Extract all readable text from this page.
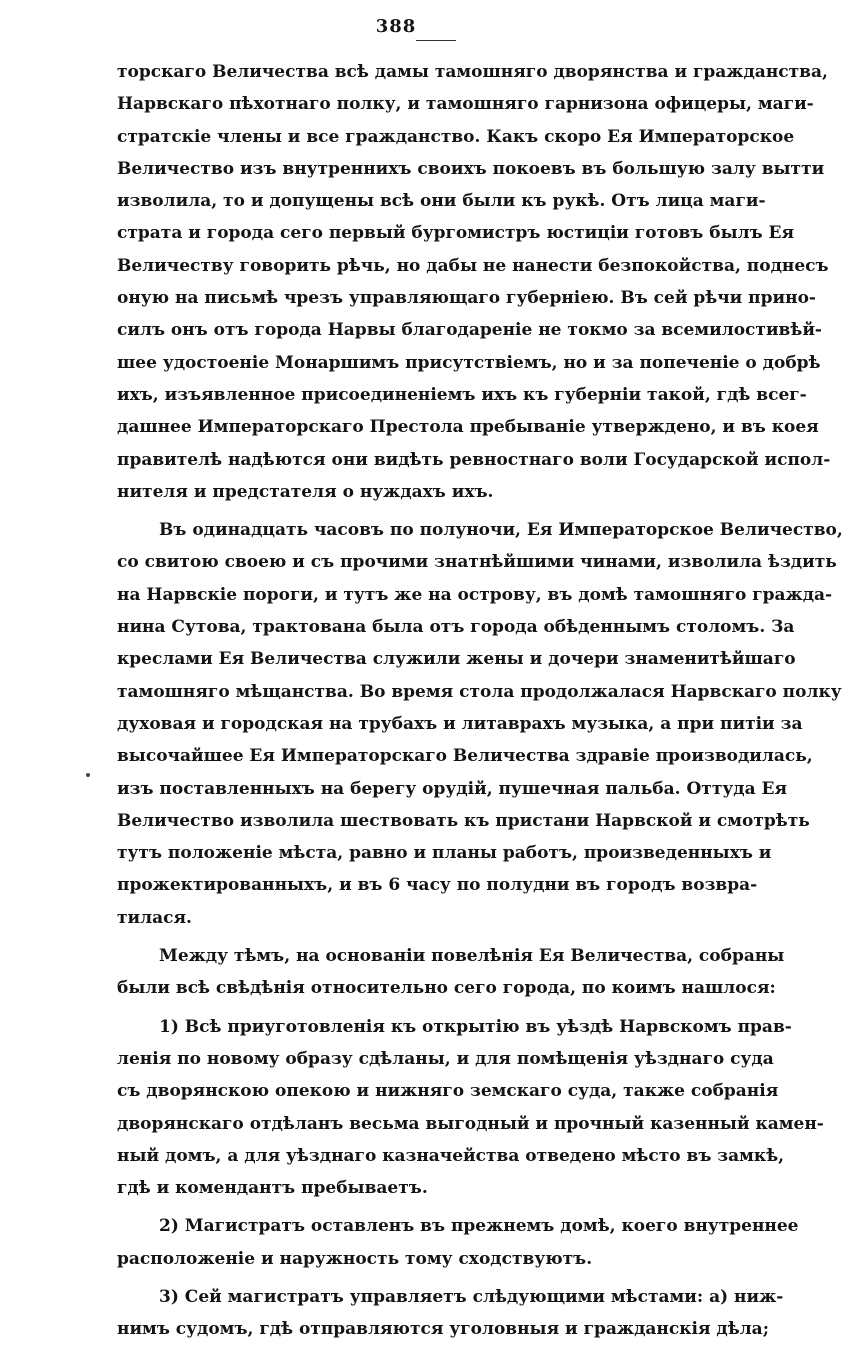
388
торскаго Величества всѣ дамы тамошняго дворянства и гражданства,
Нарвскаго пѣхотнаго полку, и тамошняго гарнизона офицеры, маги-
стратскіе члены и все гражданство. Какъ скоро Ея Императорское
Величество изъ внутреннихъ своихъ покоевъ въ большую залу вытти
изволила, то и допущены всѣ они были къ рукѣ. Отъ лица маги-
страта и города сего первый бургомистръ юстиціи готовъ былъ Ея
Величеству говорить рѣчь, но дабы не нанести безпокойства, поднесъ
оную на письмѣ чрезъ управляющаго губерніею. Въ сей рѣчи прино-
силъ онъ отъ города Нарвы благодареніе не токмо за всемилостивѣй-
шее удостоеніе Монаршимъ присутствіемъ, но и за попеченіе о добрѣ
ихъ, изъявленное присоединеніемъ ихъ къ губерніи такой, гдѣ всег-
дашнее Императорскаго Престола пребываніе утверждено, и въ коея
правителѣ надѣются они видѣть ревностнаго воли Государской испол-
нителя и предстателя о нуждахъ ихъ.
Въ одинадцать часовъ по полуночи, Ея Императорское Величество,
со свитою своею и съ прочими знатнѣйшими чинами, изволила ѣздить
на Нарвскіе пороги, и тутъ же на острову, въ домѣ тамошняго гражда-
нина Сутова, трактована была отъ города обѣденнымъ столомъ. За
креслами Ея Величества служили жены и дочери знаменитѣйшаго
тамошняго мѣщанства. Во время стола продолжалася Нарвскаго полку
духовая и городская на трубахъ и литаврахъ музыка, а при питіи за
высочайшее Ея Императорскаго Величества здравіе производилась,
изъ поставленныхъ на берегу орудій, пушечная пальба. Оттуда Ея
Величество изволила шествовать къ пристани Нарвской и смотрѣть
тутъ положеніе мѣста, равно и планы работъ, произведенныхъ и
прожектированныхъ, и въ 6 часу по полудни въ городъ возвра-
тилася.
Между тѣмъ, на основаніи повелѣнія Ея Величества, собраны
были всѣ свѣдѣнія относительно сего города, по коимъ нашлося:
1) Всѣ приуготовленія къ открытію въ уѣздѣ Нарвскомъ прав-
ленія по новому образу сдѣланы, и для помѣщенія уѣзднаго суда
съ дворянскою опекою и нижняго земскаго суда, также собранія
дворянскаго отдѣланъ весьма выгодный и прочный казенный камен-
ный домъ, а для уѣзднаго казначейства отведено мѣсто въ замкѣ,
гдѣ и комендантъ пребываетъ.
2) Магистратъ оставленъ въ прежнемъ домѣ, коего внутреннее
расположеніе и наружность тому сходствуютъ.
3) Сей магистратъ управляетъ слѣдующими мѣстами: а) ниж-
нимъ судомъ, гдѣ отправляются уголовныя и гражданскія дѣла;
